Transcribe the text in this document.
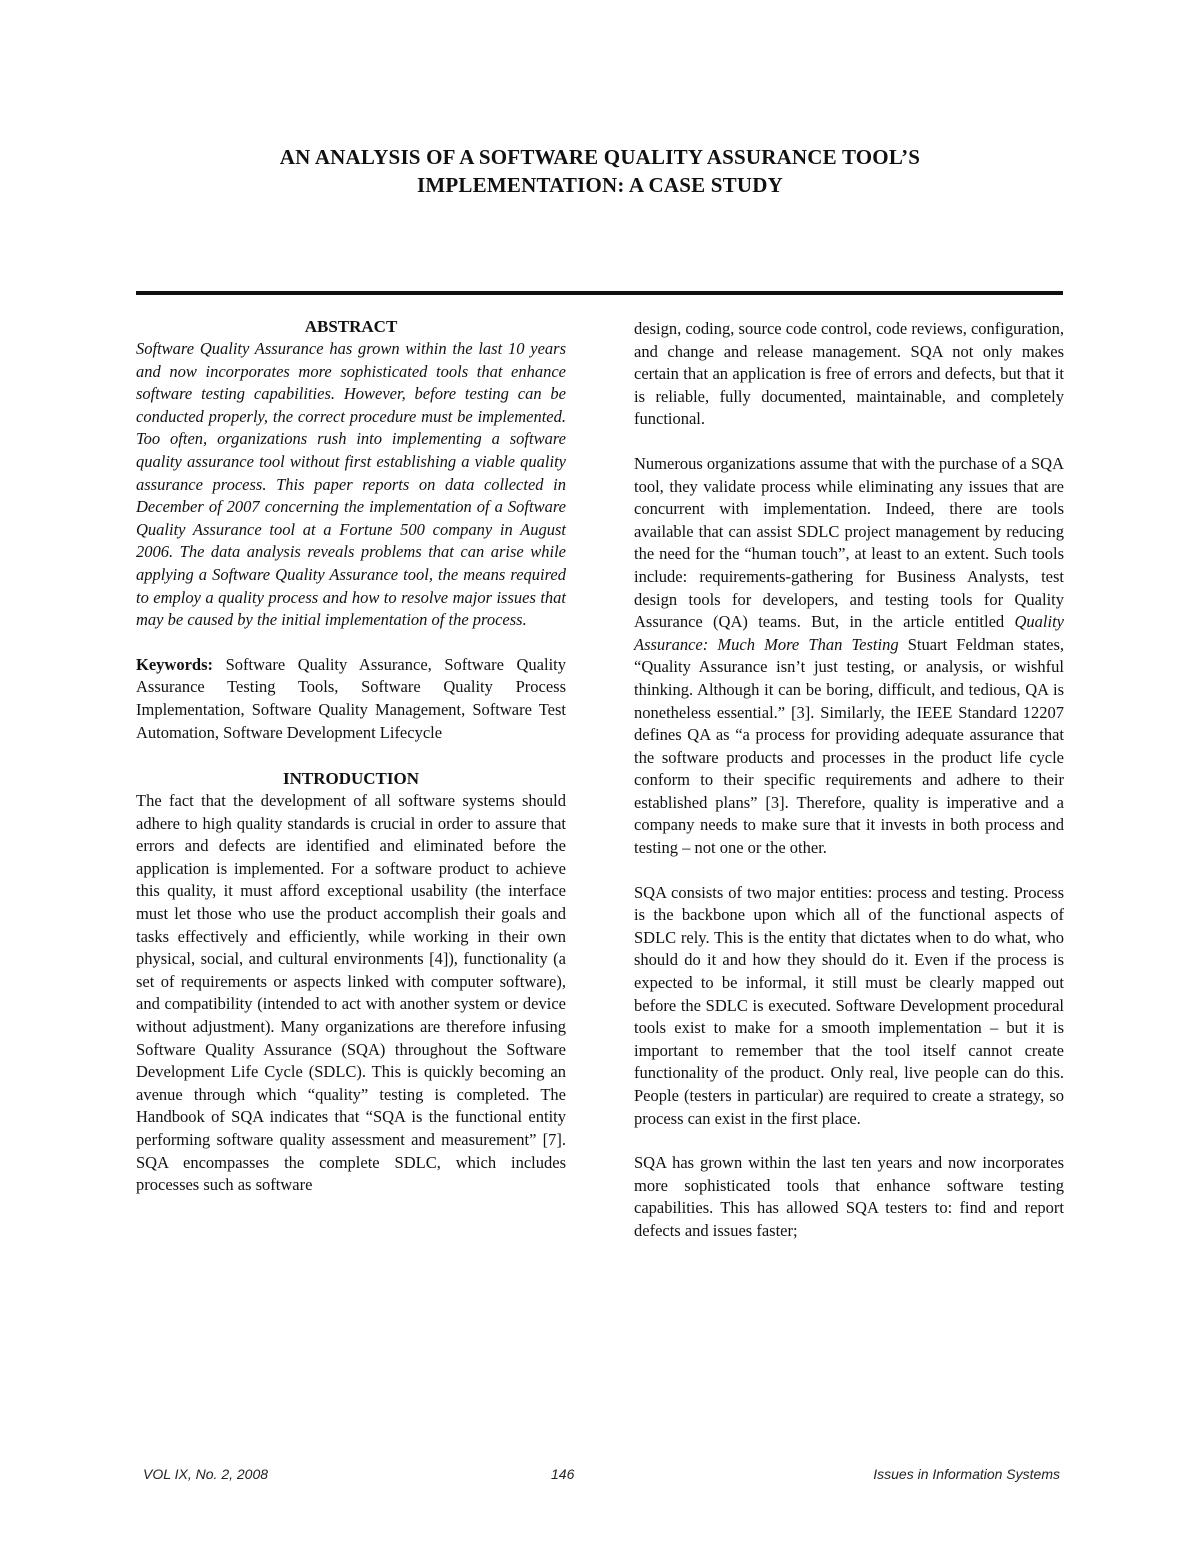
AN ANALYSIS OF A SOFTWARE QUALITY ASSURANCE TOOL’S
IMPLEMENTATION: A CASE STUDY

ABSTRACT

Software Quality Assurance has grown within the last 10 years and now incorporates more sophisticated tools that enhance software testing capabilities. However, before testing can be conducted properly, the correct procedure must be implemented. Too often, organizations rush into implementing a software quality assurance tool without first establishing a viable quality assurance process. This paper reports on data collected in December of 2007 concerning the implementation of a Software Quality Assurance tool at a Fortune 500 company in August 2006. The data analysis reveals problems that can arise while applying a Software Quality Assurance tool, the means required to employ a quality process and how to resolve major issues that may be caused by the initial implementation of the process.

Keywords: Software Quality Assurance, Software Quality Assurance Testing Tools, Software Quality Process Implementation, Software Quality Management, Software Test Automation, Software Development Lifecycle

INTRODUCTION

The fact that the development of all software systems should adhere to high quality standards is crucial in order to assure that errors and defects are identified and eliminated before the application is implemented. For a software product to achieve this quality, it must afford exceptional usability (the interface must let those who use the product accomplish their goals and tasks effectively and efficiently, while working in their own physical, social, and cultural environments [4]), functionality (a set of requirements or aspects linked with computer software), and compatibility (intended to act with another system or device without adjustment). Many organizations are therefore infusing Software Quality Assurance (SQA) throughout the Software Development Life Cycle (SDLC). This is quickly becoming an avenue through which “quality” testing is completed. The Handbook of SQA indicates that “SQA is the functional entity performing software quality assessment and measurement” [7]. SQA encompasses the complete SDLC, which includes processes such as software

design, coding, source code control, code reviews, configuration, and change and release management. SQA not only makes certain that an application is free of errors and defects, but that it is reliable, fully documented, maintainable, and completely functional.

Numerous organizations assume that with the purchase of a SQA tool, they validate process while eliminating any issues that are concurrent with implementation. Indeed, there are tools available that can assist SDLC project management by reducing the need for the “human touch”, at least to an extent. Such tools include: requirements-gathering for Business Analysts, test design tools for developers, and testing tools for Quality Assurance (QA) teams. But, in the article entitled Quality Assurance: Much More Than Testing Stuart Feldman states, “Quality Assurance isn’t just testing, or analysis, or wishful thinking. Although it can be boring, difficult, and tedious, QA is nonetheless essential.” [3]. Similarly, the IEEE Standard 12207 defines QA as “a process for providing adequate assurance that the software products and processes in the product life cycle conform to their specific requirements and adhere to their established plans” [3]. Therefore, quality is imperative and a company needs to make sure that it invests in both process and testing – not one or the other.

SQA consists of two major entities: process and testing. Process is the backbone upon which all of the functional aspects of SDLC rely. This is the entity that dictates when to do what, who should do it and how they should do it. Even if the process is expected to be informal, it still must be clearly mapped out before the SDLC is executed. Software Development procedural tools exist to make for a smooth implementation – but it is important to remember that the tool itself cannot create functionality of the product. Only real, live people can do this. People (testers in particular) are required to create a strategy, so process can exist in the first place.

SQA has grown within the last ten years and now incorporates more sophisticated tools that enhance software testing capabilities. This has allowed SQA testers to: find and report defects and issues faster;

VOL IX, No. 2, 2008	146	Issues in Information Systems
